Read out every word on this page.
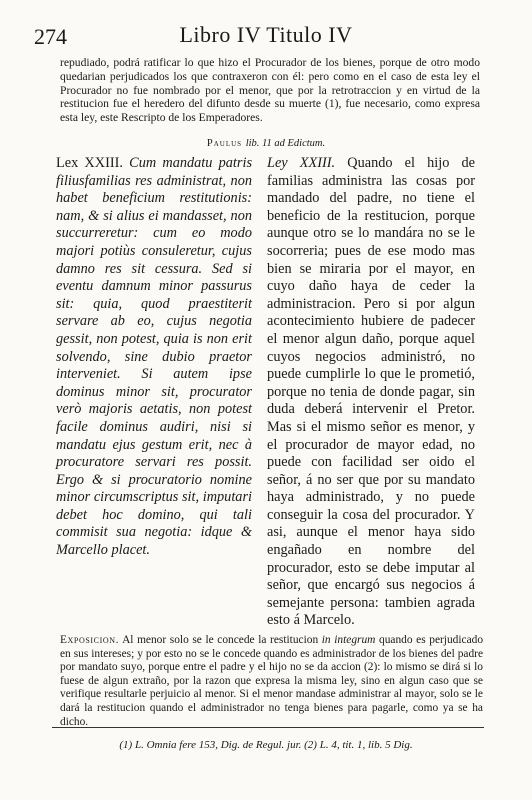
274	Libro IV Titulo IV

repudiado, podrá ratificar lo que hizo el Procurador de los bienes, porque de otro modo quedarian perjudicados los que contraxeron con él: pero como en el caso de esta ley el Procurador no fue nombrado por el menor, que por la retrotraccion y en virtud de la restitucion fue el heredero del difunto desde su muerte (1), fue necesario, como expresa esta ley, este Rescripto de los Emperadores.

Paulus lib. 11 ad Edictum.
Lex XXIII. Cum mandatu patris filiusfamilias res administrat, non habet beneficium restitutionis: nam, & si alius ei mandasset, non succurreretur: cum eo modo majori potiùs consuleretur, cujus damno res sit cessura. Sed si eventu damnum minor passurus sit: quia, quod praestiterit servare ab eo, cujus negotia gessit, non potest, quia is non erit solvendo, sine dubio praetor interveniet. Si autem ipse dominus minor sit, procurator verò majoris aetatis, non potest facile dominus audiri, nisi si mandatu ejus gestum erit, nec à procuratore servari res possit. Ergo & si procuratorio nomine minor circumscriptus sit, imputari debet hoc domino, qui tali commisit sua negotia: idque & Marcello placet.
Ley XXIII. Quando el hijo de familias administra las cosas por mandado del padre, no tiene el beneficio de la restitucion, porque aunque otro se lo mandára no se le socorreria; pues de ese modo mas bien se miraria por el mayor, en cuyo daño haya de ceder la administracion. Pero si por algun acontecimiento hubiere de padecer el menor algun daño, porque aquel cuyos negocios administró, no puede cumplirle lo que le prometió, porque no tenia de donde pagar, sin duda deberá intervenir el Pretor. Mas si el mismo señor es menor, y el procurador de mayor edad, no puede con facilidad ser oido el señor, á no ser que por su mandato haya administrado, y no puede conseguir la cosa del procurador. Y asi, aunque el menor haya sido engañado en nombre del procurador, esto se debe imputar al señor, que encargó sus negocios á semejante persona: tambien agrada esto á Marcelo.

Exposicion. Al menor solo se le concede la restitucion in integrum quando es perjudicado en sus intereses; y por esto no se le concede quando es administrador de los bienes del padre por mandato suyo, porque entre el padre y el hijo no se da accion (2): lo mismo se dirá si lo fuese de algun extraño, por la razon que expresa la misma ley, sino en algun caso que se verifique resultarle perjuicio al menor. Si el menor mandase administrar al mayor, solo se le dará la restitucion quando el administrador no tenga bienes para pagarle, como ya se ha dicho.

(1) L. Omnia fere 153, Dig. de Regul. jur. (2) L. 4, tit. 1, lib. 5 Dig.
